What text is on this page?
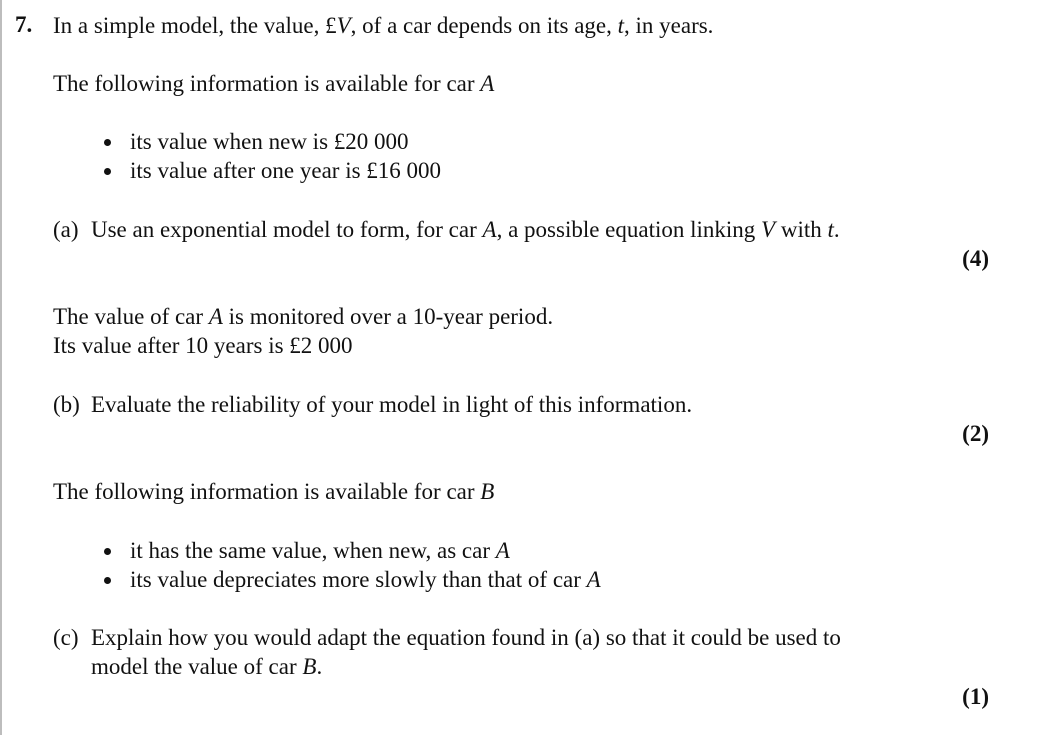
7. In a simple model, the value, £V, of a car depends on its age, t, in years.
The following information is available for car A
its value when new is £20 000
its value after one year is £16 000
(a) Use an exponential model to form, for car A, a possible equation linking V with t.
(4)
The value of car A is monitored over a 10-year period.
Its value after 10 years is £2 000
(b) Evaluate the reliability of your model in light of this information.
(2)
The following information is available for car B
it has the same value, when new, as car A
its value depreciates more slowly than that of car A
(c) Explain how you would adapt the equation found in (a) so that it could be used to
model the value of car B.
(1)
